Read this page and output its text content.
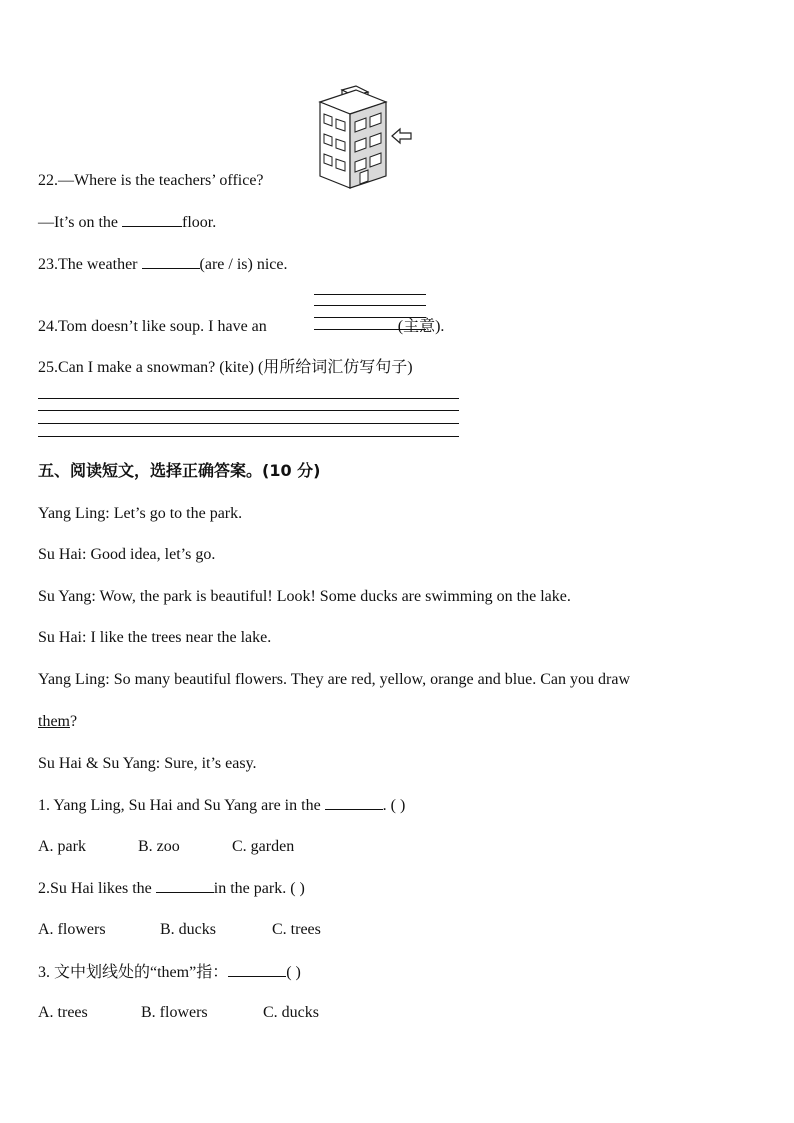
22.—Where is the teachers’ office?
—It’s on the	floor.
23.The weather	(are / is) nice.
24.Tom doesn’t like soup. I have an	(主意).
25.Can I make a snowman? (kite) (用所给词汇仿写句子)
五、阅读短文，选择正确答案。(10 分)
Yang Ling: Let’s go to the park.
Su Hai: Good idea, let’s go.
Su Yang: Wow, the park is beautiful! Look! Some ducks are swimming on the lake.
Su Hai: I like the trees near the lake.
Yang Ling: So many beautiful flowers. They are red, yellow, orange and blue. Can you draw
them?
Su Hai & Su Yang: Sure, it’s easy.
1. Yang Ling, Su Hai and Su Yang are in the	. ( )
A. park	B. zoo	C. garden
2.Su Hai likes the	in the park. ( )
A. flowers	B. ducks	C. trees
3. 文中划线处的“them”指：	( )
A. trees	B. flowers	C. ducks
